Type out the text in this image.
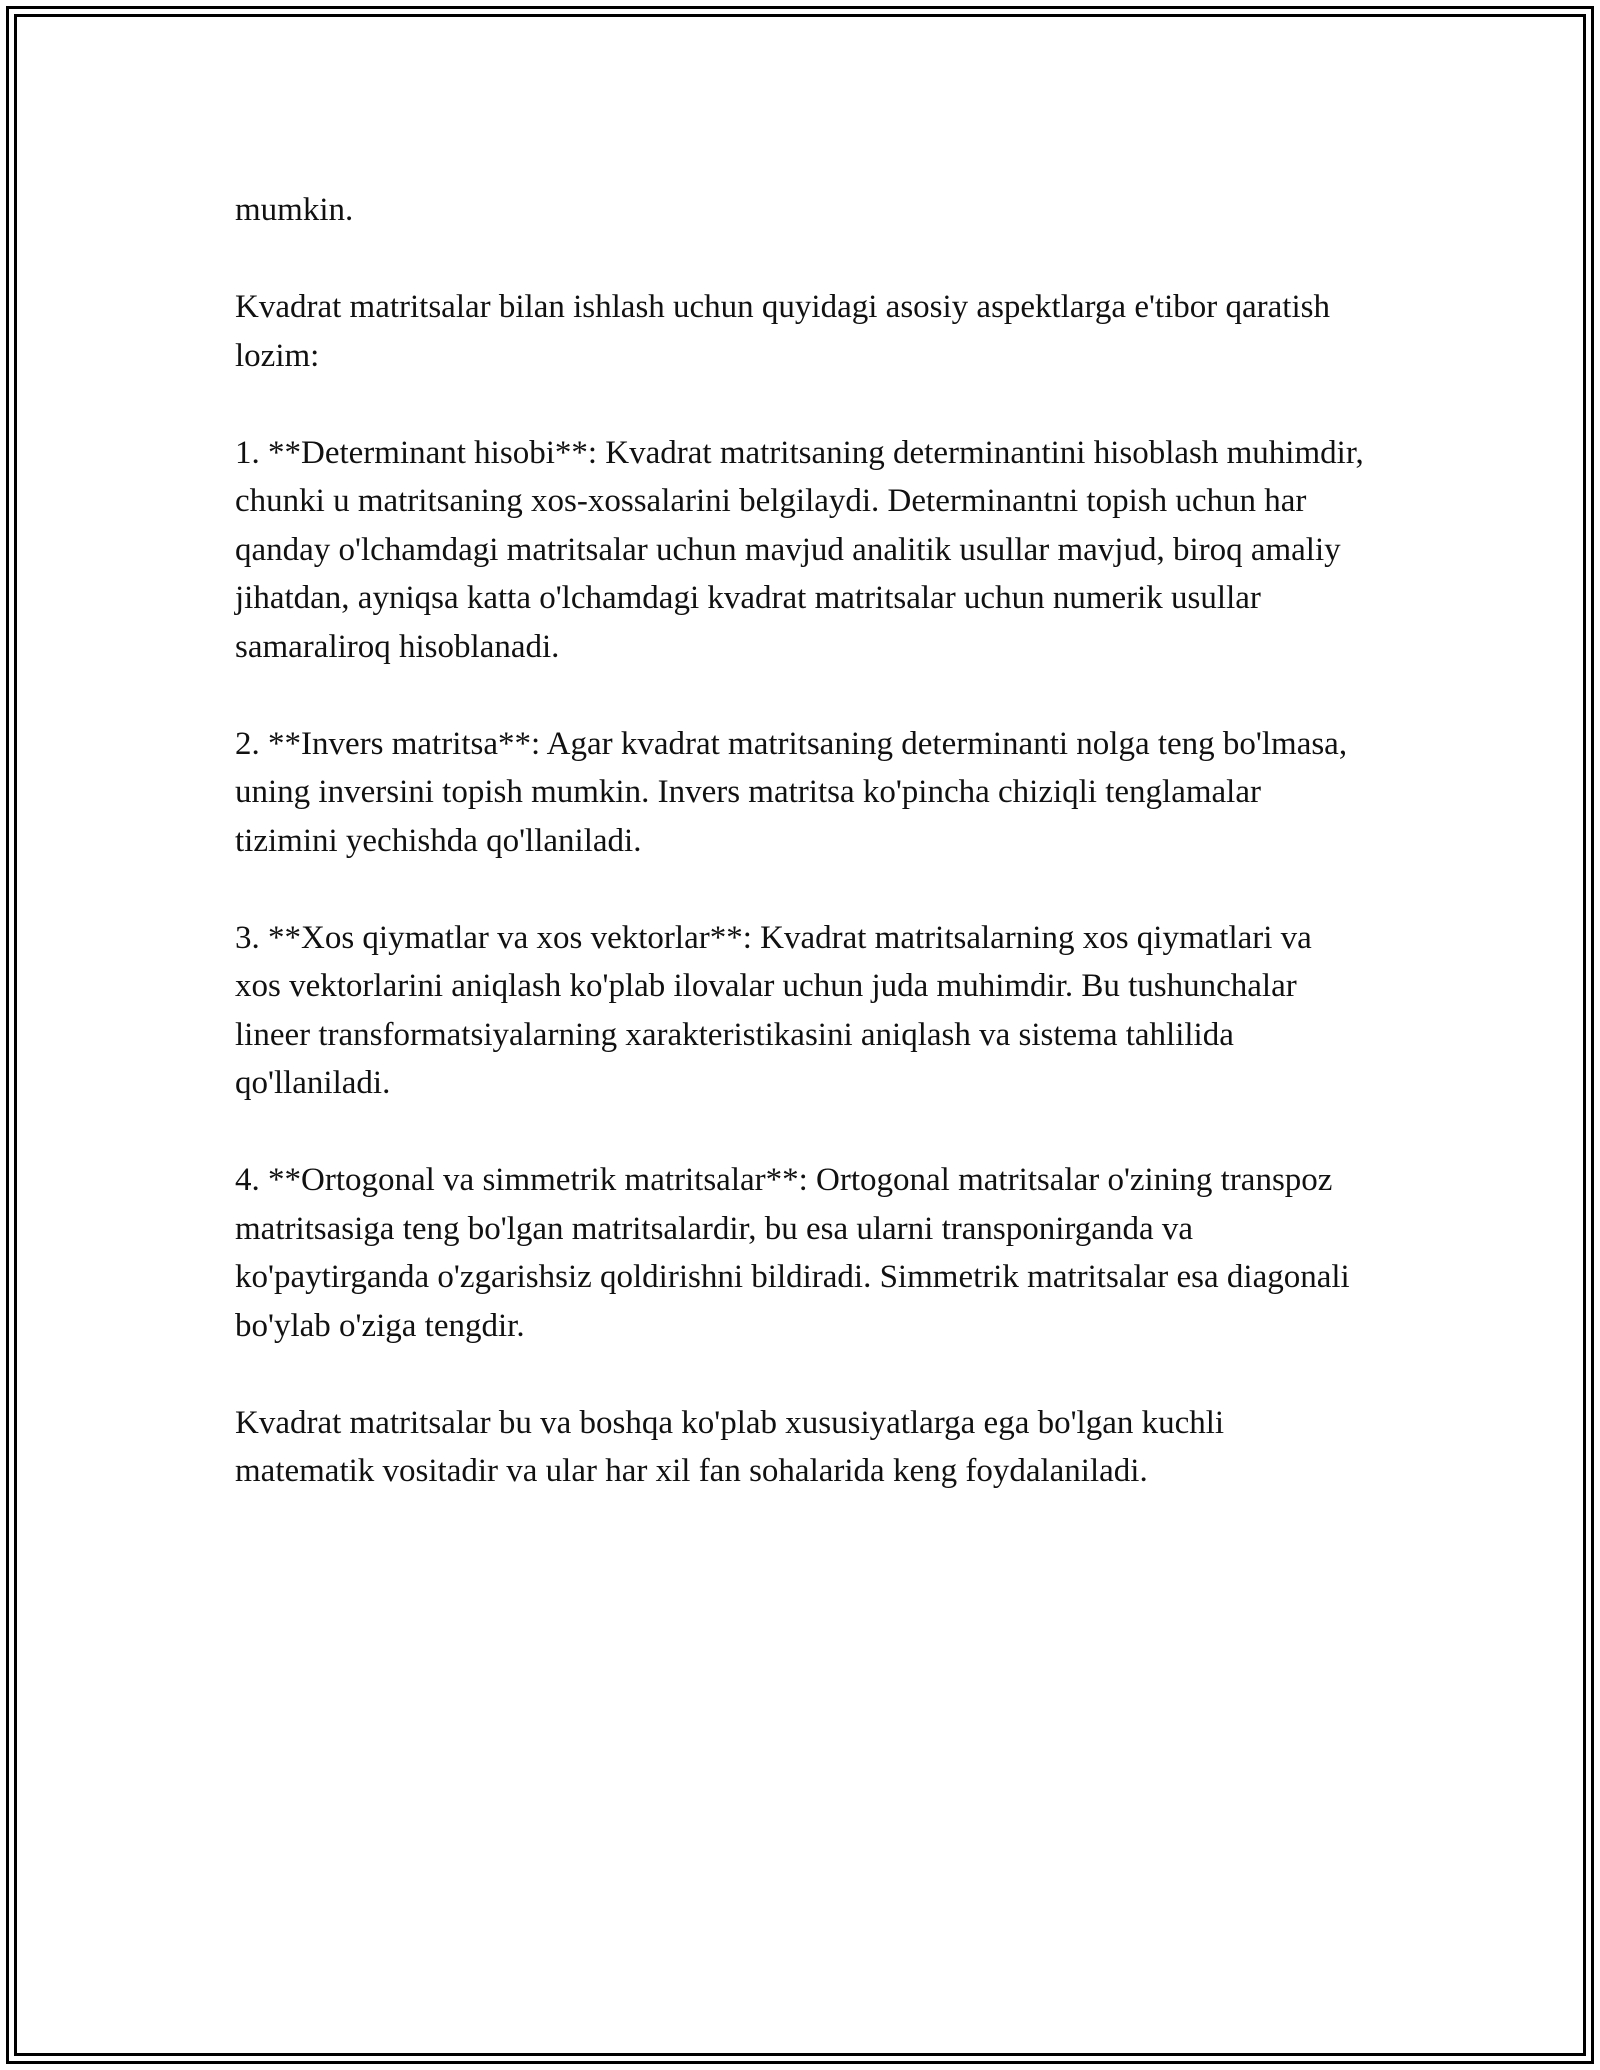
mumkin.

Kvadrat matritsalar bilan ishlash uchun quyidagi asosiy aspektlarga e'tibor qaratish lozim:

1. **Determinant hisobi**: Kvadrat matritsaning determinantini hisoblash muhimdir, chunki u matritsaning xos-xossalarini belgilaydi. Determinantni topish uchun har qanday o'lchamdagi matritsalar uchun mavjud analitik usullar mavjud, biroq amaliy jihatdan, ayniqsa katta o'lchamdagi kvadrat matritsalar uchun numerik usullar samaraliroq hisoblanadi.

2. **Invers matritsa**: Agar kvadrat matritsaning determinanti nolga teng bo'lmasa, uning inversini topish mumkin. Invers matritsa ko'pincha chiziqli tenglamalar tizimini yechishda qo'llaniladi.

3. **Xos qiymatlar va xos vektorlar**: Kvadrat matritsalarning xos qiymatlari va xos vektorlarini aniqlash ko'plab ilovalar uchun juda muhimdir. Bu tushunchalar lineer transformatsiyalarning xarakteristikasini aniqlash va sistema tahlilida qo'llaniladi.

4. **Ortogonal va simmetrik matritsalar**: Ortogonal matritsalar o'zining transpoz matritsasiga teng bo'lgan matritsalardir, bu esa ularni transponirganda va ko'paytirganda o'zgarishsiz qoldirishni bildiradi. Simmetrik matritsalar esa diagonali bo'ylab o'ziga tengdir.

Kvadrat matritsalar bu va boshqa ko'plab xususiyatlarga ega bo'lgan kuchli matematik vositadir va ular har xil fan sohalarida keng foydalaniladi.
